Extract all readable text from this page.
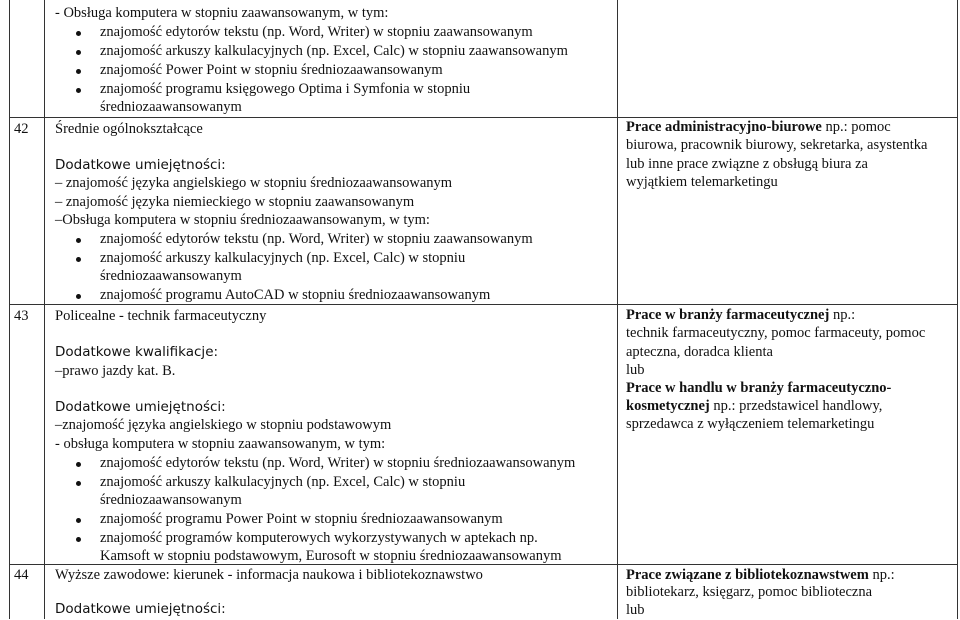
- Obsługa komputera w stopniu zaawansowanym, w tym:
znajomość edytorów tekstu (np. Word, Writer) w stopniu zaawansowanym
znajomość arkuszy kalkulacyjnych (np. Excel, Calc) w stopniu zaawansowanym
znajomość Power Point w stopniu średniozaawansowanym
znajomość programu księgowego Optima i Symfonia w stopniu
średniozaawansowanym
42 Średnie ogólnokształcące
Dodatkowe umiejętności:
– znajomość języka angielskiego w stopniu średniozaawansowanym
– znajomość języka niemieckiego w stopniu zaawansowanym
–Obsługa komputera w stopniu średniozaawansowanym, w tym:
znajomość edytorów tekstu (np. Word, Writer) w stopniu zaawansowanym
znajomość arkuszy kalkulacyjnych (np. Excel, Calc) w stopniu
średniozaawansowanym
znajomość programu AutoCAD w stopniu średniozaawansowanym
Prace administracyjno-biurowe np.: pomoc
biurowa, pracownik biurowy, sekretarka, asystentka
lub inne prace związne z obsługą biura za
wyjątkiem telemarketingu
43 Policealne - technik farmaceutyczny
Dodatkowe kwalifikacje:
–prawo jazdy kat. B.
Dodatkowe umiejętności:
–znajomość języka angielskiego w stopniu podstawowym
- obsługa komputera w stopniu zaawansowanym, w tym:
znajomość edytorów tekstu (np. Word, Writer) w stopniu średniozaawansowanym
znajomość arkuszy kalkulacyjnych (np. Excel, Calc) w stopniu
średniozaawansowanym
znajomość programu Power Point w stopniu średniozaawansowanym
znajomość programów komputerowych wykorzystywanych w aptekach np.
Kamsoft w stopniu podstawowym, Eurosoft w stopniu średniozaawansowanym
Prace w branży farmaceutycznej np.:
technik farmaceutyczny, pomoc farmaceuty, pomoc
apteczna, doradca klienta
lub
Prace w handlu w branży farmaceutyczno-
kosmetycznej np.: przedstawicel handlowy,
sprzedawca z wyłączeniem telemarketingu
44 Wyższe zawodowe: kierunek - informacja naukowa i bibliotekoznawstwo
Dodatkowe umiejętności:
Prace związane z bibliotekoznawstwem np.:
bibliotekarz, księgarz, pomoc biblioteczna
lub
